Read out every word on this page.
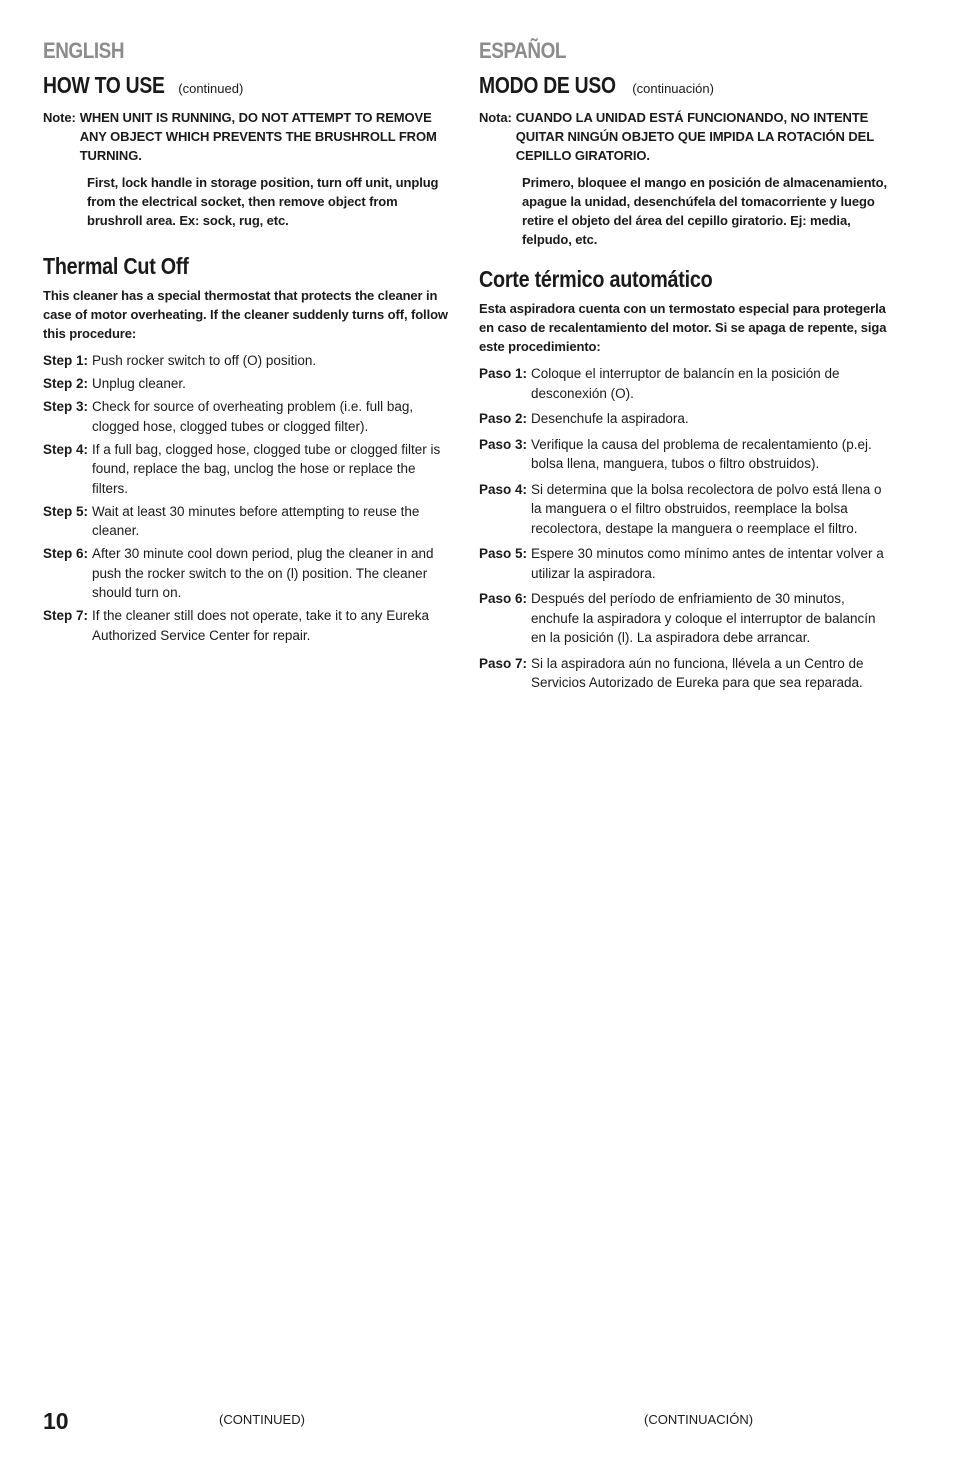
ENGLISH
HOW TO USE (continued)
Note: WHEN UNIT IS RUNNING, DO NOT ATTEMPT TO REMOVE ANY OBJECT WHICH PREVENTS THE BRUSHROLL FROM TURNING.
First, lock handle in storage position, turn off unit, unplug from the electrical socket, then remove object from brushroll area. Ex: sock, rug, etc.
Thermal Cut Off
This cleaner has a special thermostat that protects the cleaner in case of motor overheating. If the cleaner suddenly turns off, follow this procedure:
Step 1: Push rocker switch to off (O) position.
Step 2: Unplug cleaner.
Step 3: Check for source of overheating problem (i.e. full bag, clogged hose, clogged tubes or clogged filter).
Step 4: If a full bag, clogged hose, clogged tube or clogged filter is found, replace the bag, unclog the hose or replace the filters.
Step 5: Wait at least 30 minutes before attempting to reuse the cleaner.
Step 6: After 30 minute cool down period, plug the cleaner in and push the rocker switch to the on (l) position. The cleaner should turn on.
Step 7: If the cleaner still does not operate, take it to any Eureka Authorized Service Center for repair.
ESPAÑOL
MODO DE USO (continuación)
Nota: CUANDO LA UNIDAD ESTÁ FUNCIONANDO, NO INTENTE QUITAR NINGÚN OBJETO QUE IMPIDA LA ROTACIÓN DEL CEPILLO GIRATORIO.
Primero, bloquee el mango en posición de almacenamiento, apague la unidad, desenchúfela del tomacorriente y luego retire el objeto del área del cepillo giratorio. Ej: media, felpudo, etc.
Corte térmico automático
Esta aspiradora cuenta con un termostato especial para protegerla en caso de recalentamiento del motor. Si se apaga de repente, siga este procedimiento:
Paso 1: Coloque el interruptor de balancín en la posición de desconexión (O).
Paso 2: Desenchufe la aspiradora.
Paso 3: Verifique la causa del problema de recalentamiento (p.ej. bolsa llena, manguera, tubos o filtro obstruidos).
Paso 4: Si determina que la bolsa recolectora de polvo está llena o la manguera o el filtro obstruidos, reemplace la bolsa recolectora, destape la manguera o reemplace el filtro.
Paso 5: Espere 30 minutos como mínimo antes de intentar volver a utilizar la aspiradora.
Paso 6: Después del período de enfriamiento de 30 minutos, enchufe la aspiradora y coloque el interruptor de balancín en la posición (l). La aspiradora debe arrancar.
Paso 7: Si la aspiradora aún no funciona, llévela a un Centro de Servicios Autorizado de Eureka para que sea reparada.
10	(CONTINUED)	(CONTINUACIÓN)
